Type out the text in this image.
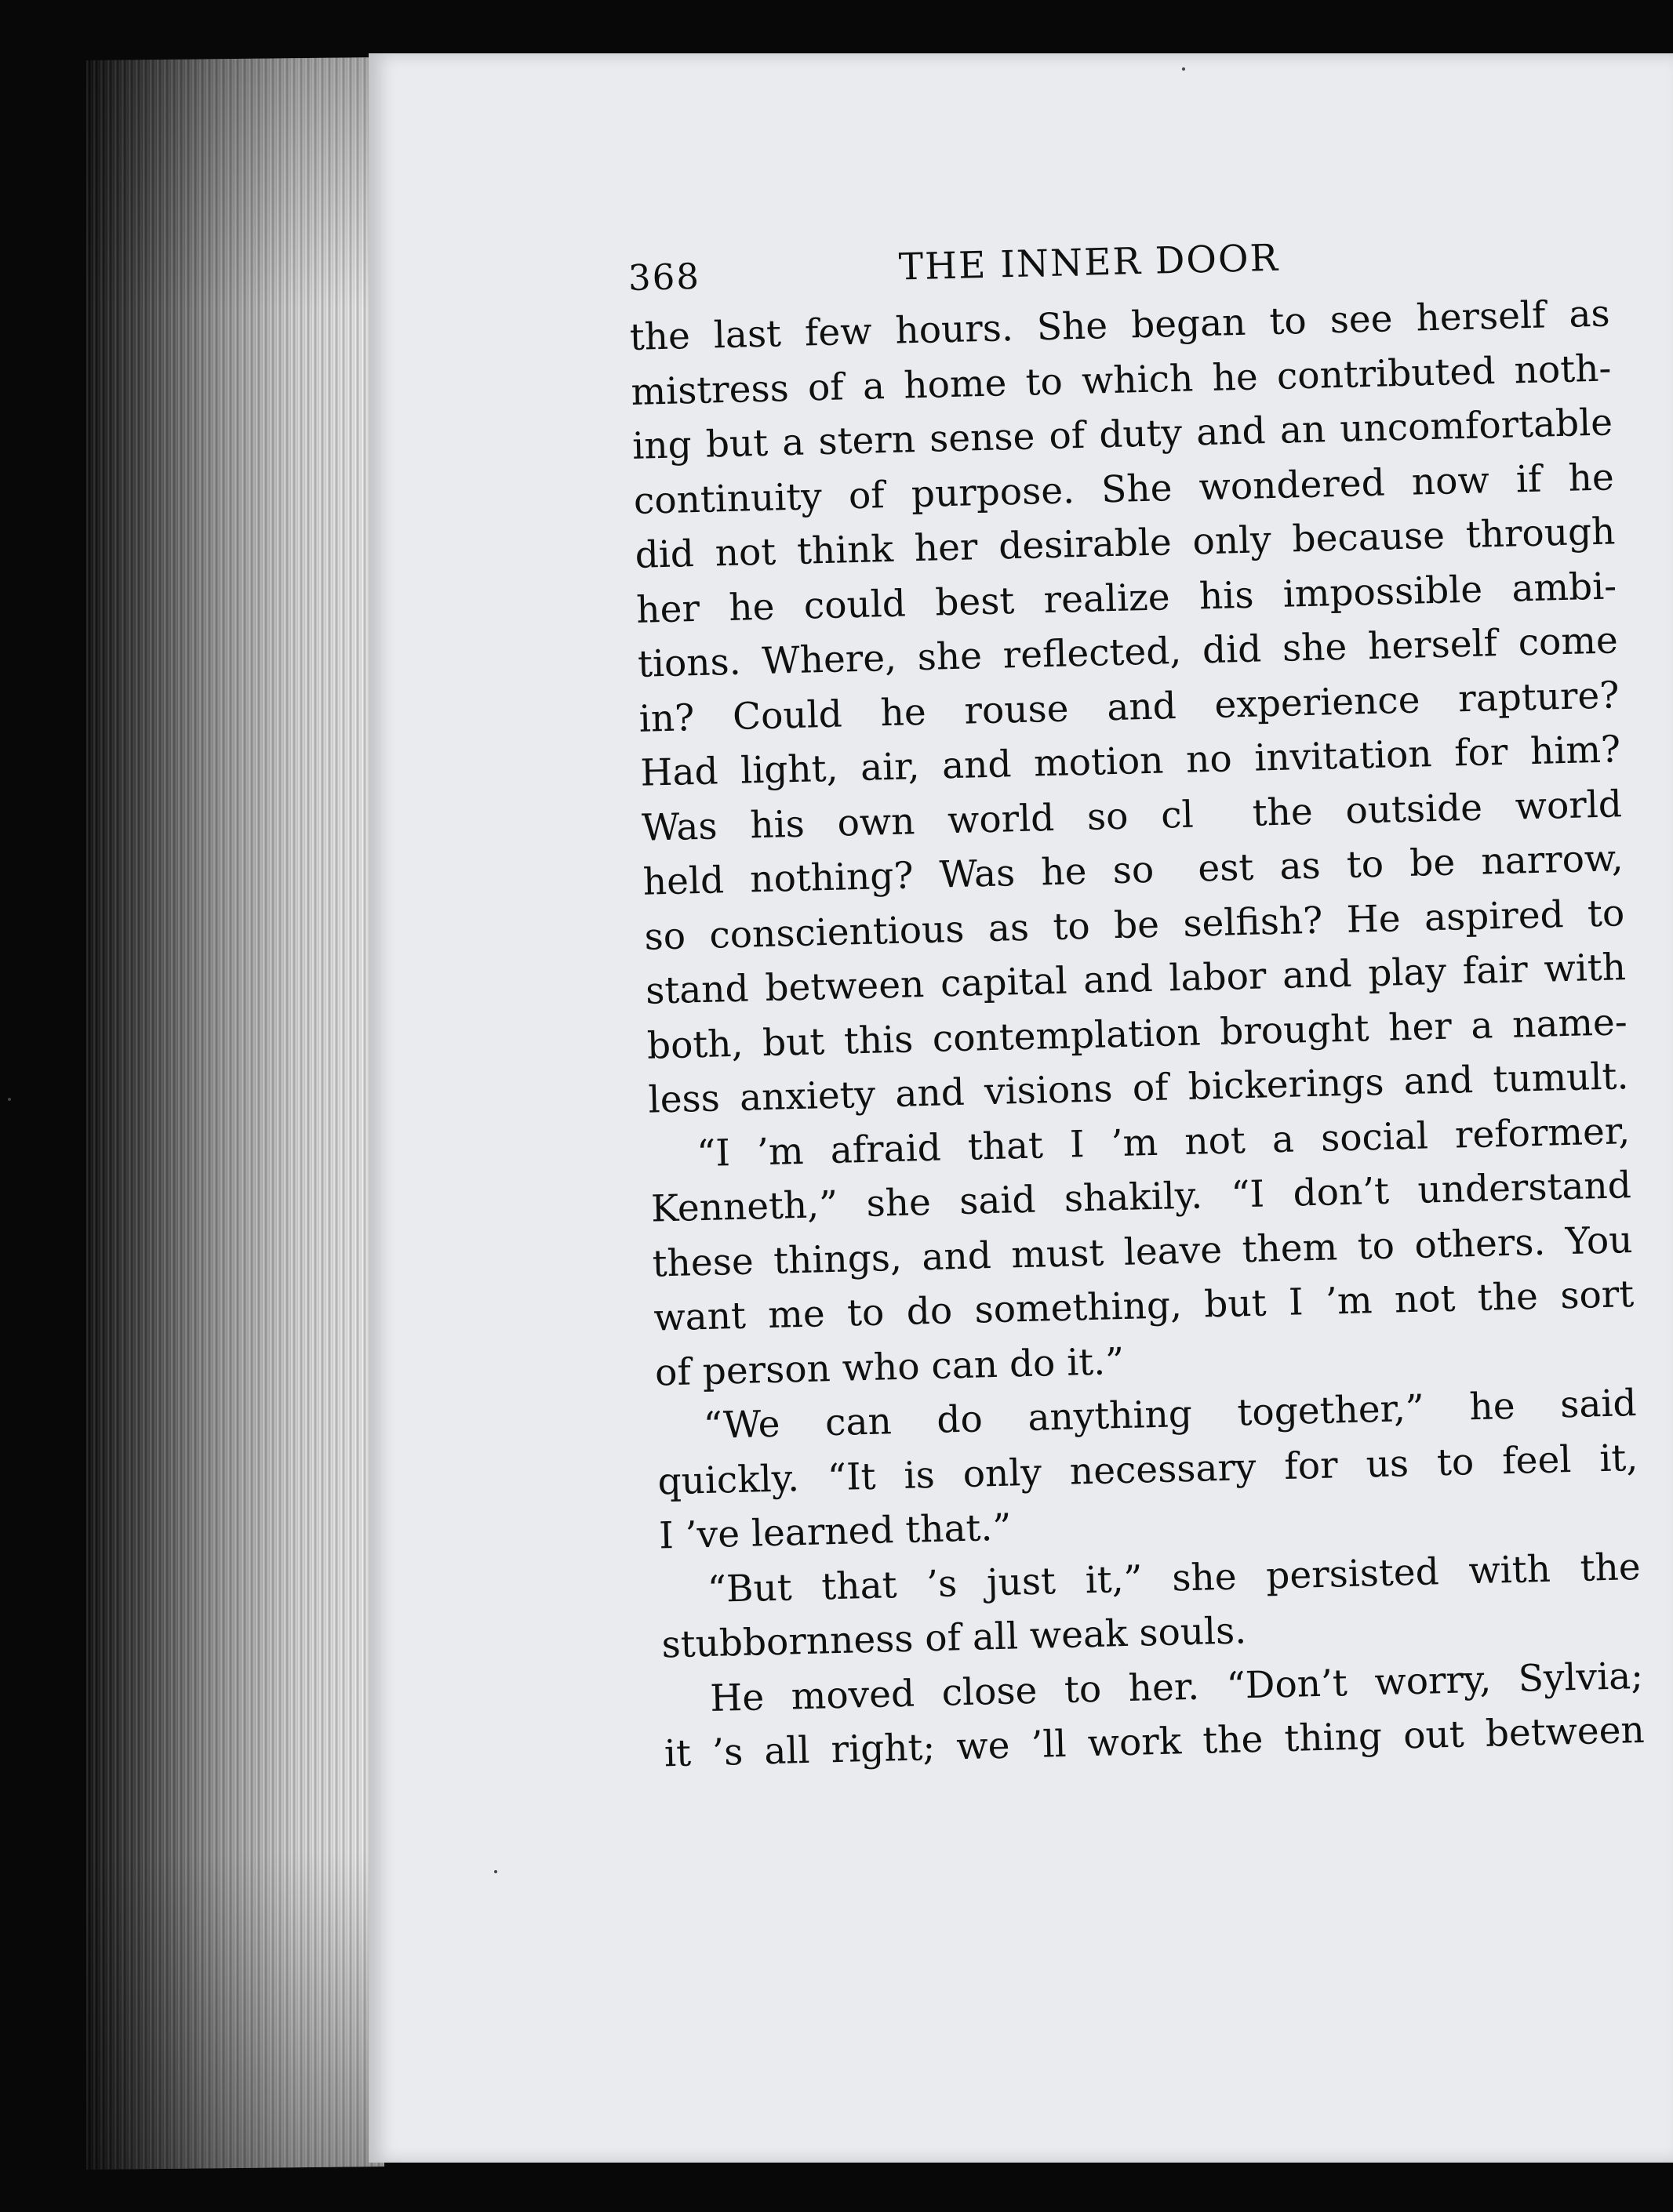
368	THE INNER DOOR
the last few hours. She began to see herself as
mistress of a home to which he contributed noth-
ing but a stern sense of duty and an uncomfortable
continuity of purpose. She wondered now if he
did not think her desirable only because through
her he could best realize his impossible ambi-
tions. Where, she reflected, did she herself come
in? Could he rouse and experience rapture?
Had light, air, and motion no invitation for him?
Was his own world so cl        the outside world
held nothing? Was he so      est as to be narrow,
so conscientious as to be selfish? He aspired to
stand between capital and labor and play fair with
both, but this contemplation brought her a name-
less anxiety and visions of bickerings and tumult.
“I ’m afraid that I ’m not a social reformer,
Kenneth,” she said shakily. “I don’t understand
these things, and must leave them to others. You
want me to do something, but I ’m not the sort
of person who can do it.”
“We can do anything together,” he said
quickly. “It is only necessary for us to feel it,
I ’ve learned that.”
“But that ’s just it,” she persisted with the
stubbornness of all weak souls.
He moved close to her. “Don’t worry, Sylvia;
it ’s all right; we ’ll work the thing out between
